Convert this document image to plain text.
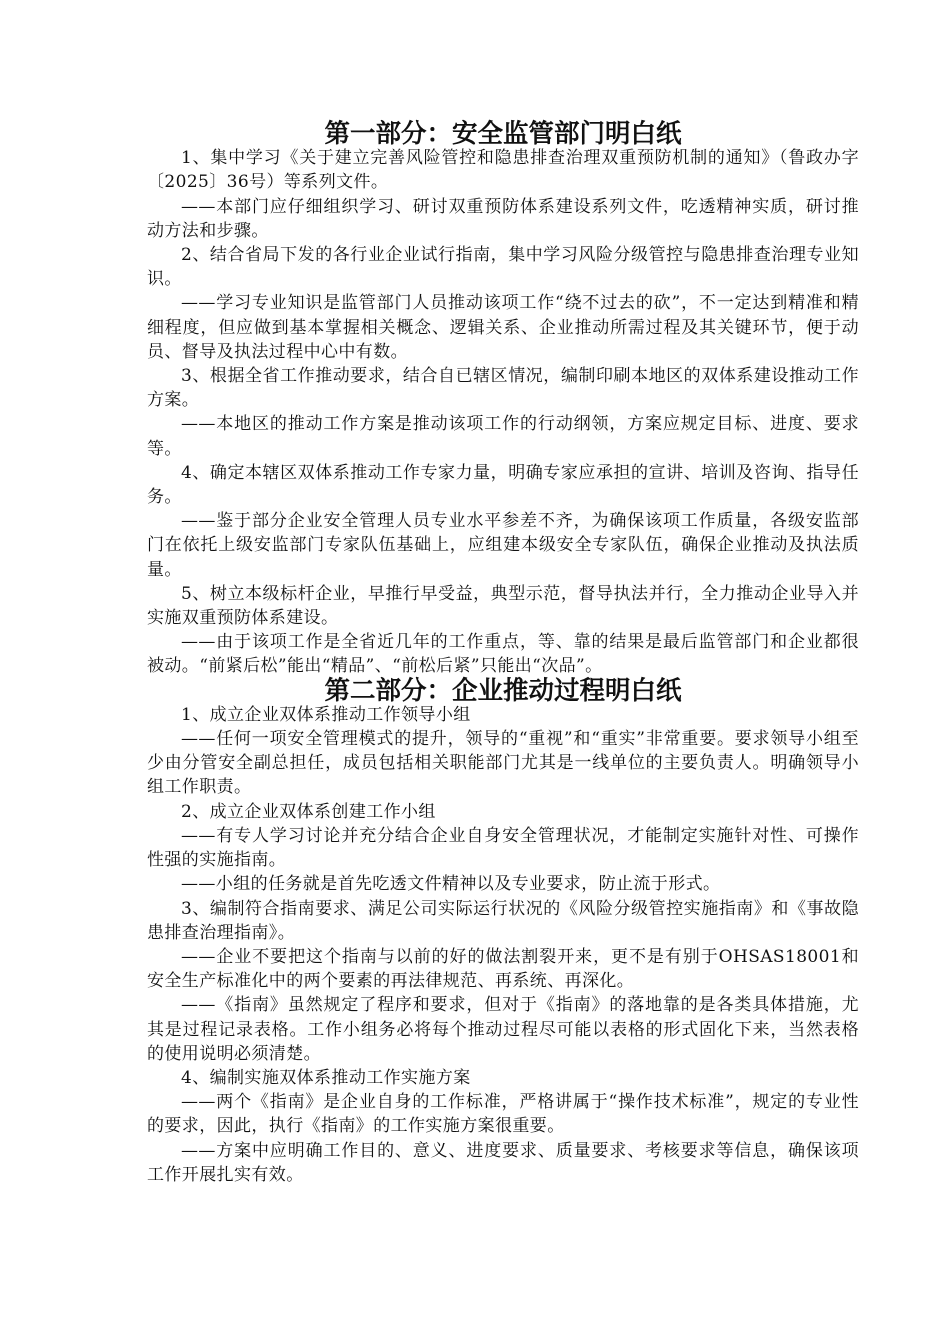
第一部分：安全监管部门明白纸

1、集中学习《关于建立完善风险管控和隐患排查治理双重预防机制的通知》（鲁政办字〔2025〕36号）等系列文件。

——本部门应仔细组织学习、研讨双重预防体系建设系列文件，吃透精神实质，研讨推动方法和步骤。

2、结合省局下发的各行业企业试行指南，集中学习风险分级管控与隐患排查治理专业知识。

——学习专业知识是监管部门人员推动该项工作“绕不过去的砍”，不一定达到精准和精细程度，但应做到基本掌握相关概念、逻辑关系、企业推动所需过程及其关键环节，便于动员、督导及执法过程中心中有数。

3、根据全省工作推动要求，结合自已辖区情况，编制印刷本地区的双体系建设推动工作方案。

——本地区的推动工作方案是推动该项工作的行动纲领，方案应规定目标、进度、要求等。

4、确定本辖区双体系推动工作专家力量，明确专家应承担的宣讲、培训及咨询、指导任务。

——鉴于部分企业安全管理人员专业水平参差不齐，为确保该项工作质量，各级安监部门在依托上级安监部门专家队伍基础上，应组建本级安全专家队伍，确保企业推动及执法质量。

5、树立本级标杆企业，早推行早受益，典型示范，督导执法并行，全力推动企业导入并实施双重预防体系建设。

——由于该项工作是全省近几年的工作重点，等、靠的结果是最后监管部门和企业都很被动。“前紧后松”能出“精品”、“前松后紧”只能出“次品”。

第二部分：企业推动过程明白纸

1、成立企业双体系推动工作领导小组

——任何一项安全管理模式的提升，领导的“重视”和“重实”非常重要。要求领导小组至少由分管安全副总担任，成员包括相关职能部门尤其是一线单位的主要负责人。明确领导小组工作职责。

2、成立企业双体系创建工作小组

——有专人学习讨论并充分结合企业自身安全管理状况，才能制定实施针对性、可操作性强的实施指南。

——小组的任务就是首先吃透文件精神以及专业要求，防止流于形式。

3、编制符合指南要求、满足公司实际运行状况的《风险分级管控实施指南》和《事故隐患排查治理指南》。

——企业不要把这个指南与以前的好的做法割裂开来，更不是有别于OHSAS18001和安全生产标准化中的两个要素的再法律规范、再系统、再深化。

——《指南》虽然规定了程序和要求，但对于《指南》的落地靠的是各类具体措施，尤其是过程记录表格。工作小组务必将每个推动过程尽可能以表格的形式固化下来，当然表格的使用说明必须清楚。

4、编制实施双体系推动工作实施方案

——两个《指南》是企业自身的工作标准，严格讲属于“操作技术标准”，规定的专业性的要求，因此，执行《指南》的工作实施方案很重要。

——方案中应明确工作目的、意义、进度要求、质量要求、考核要求等信息，确保该项工作开展扎实有效。
